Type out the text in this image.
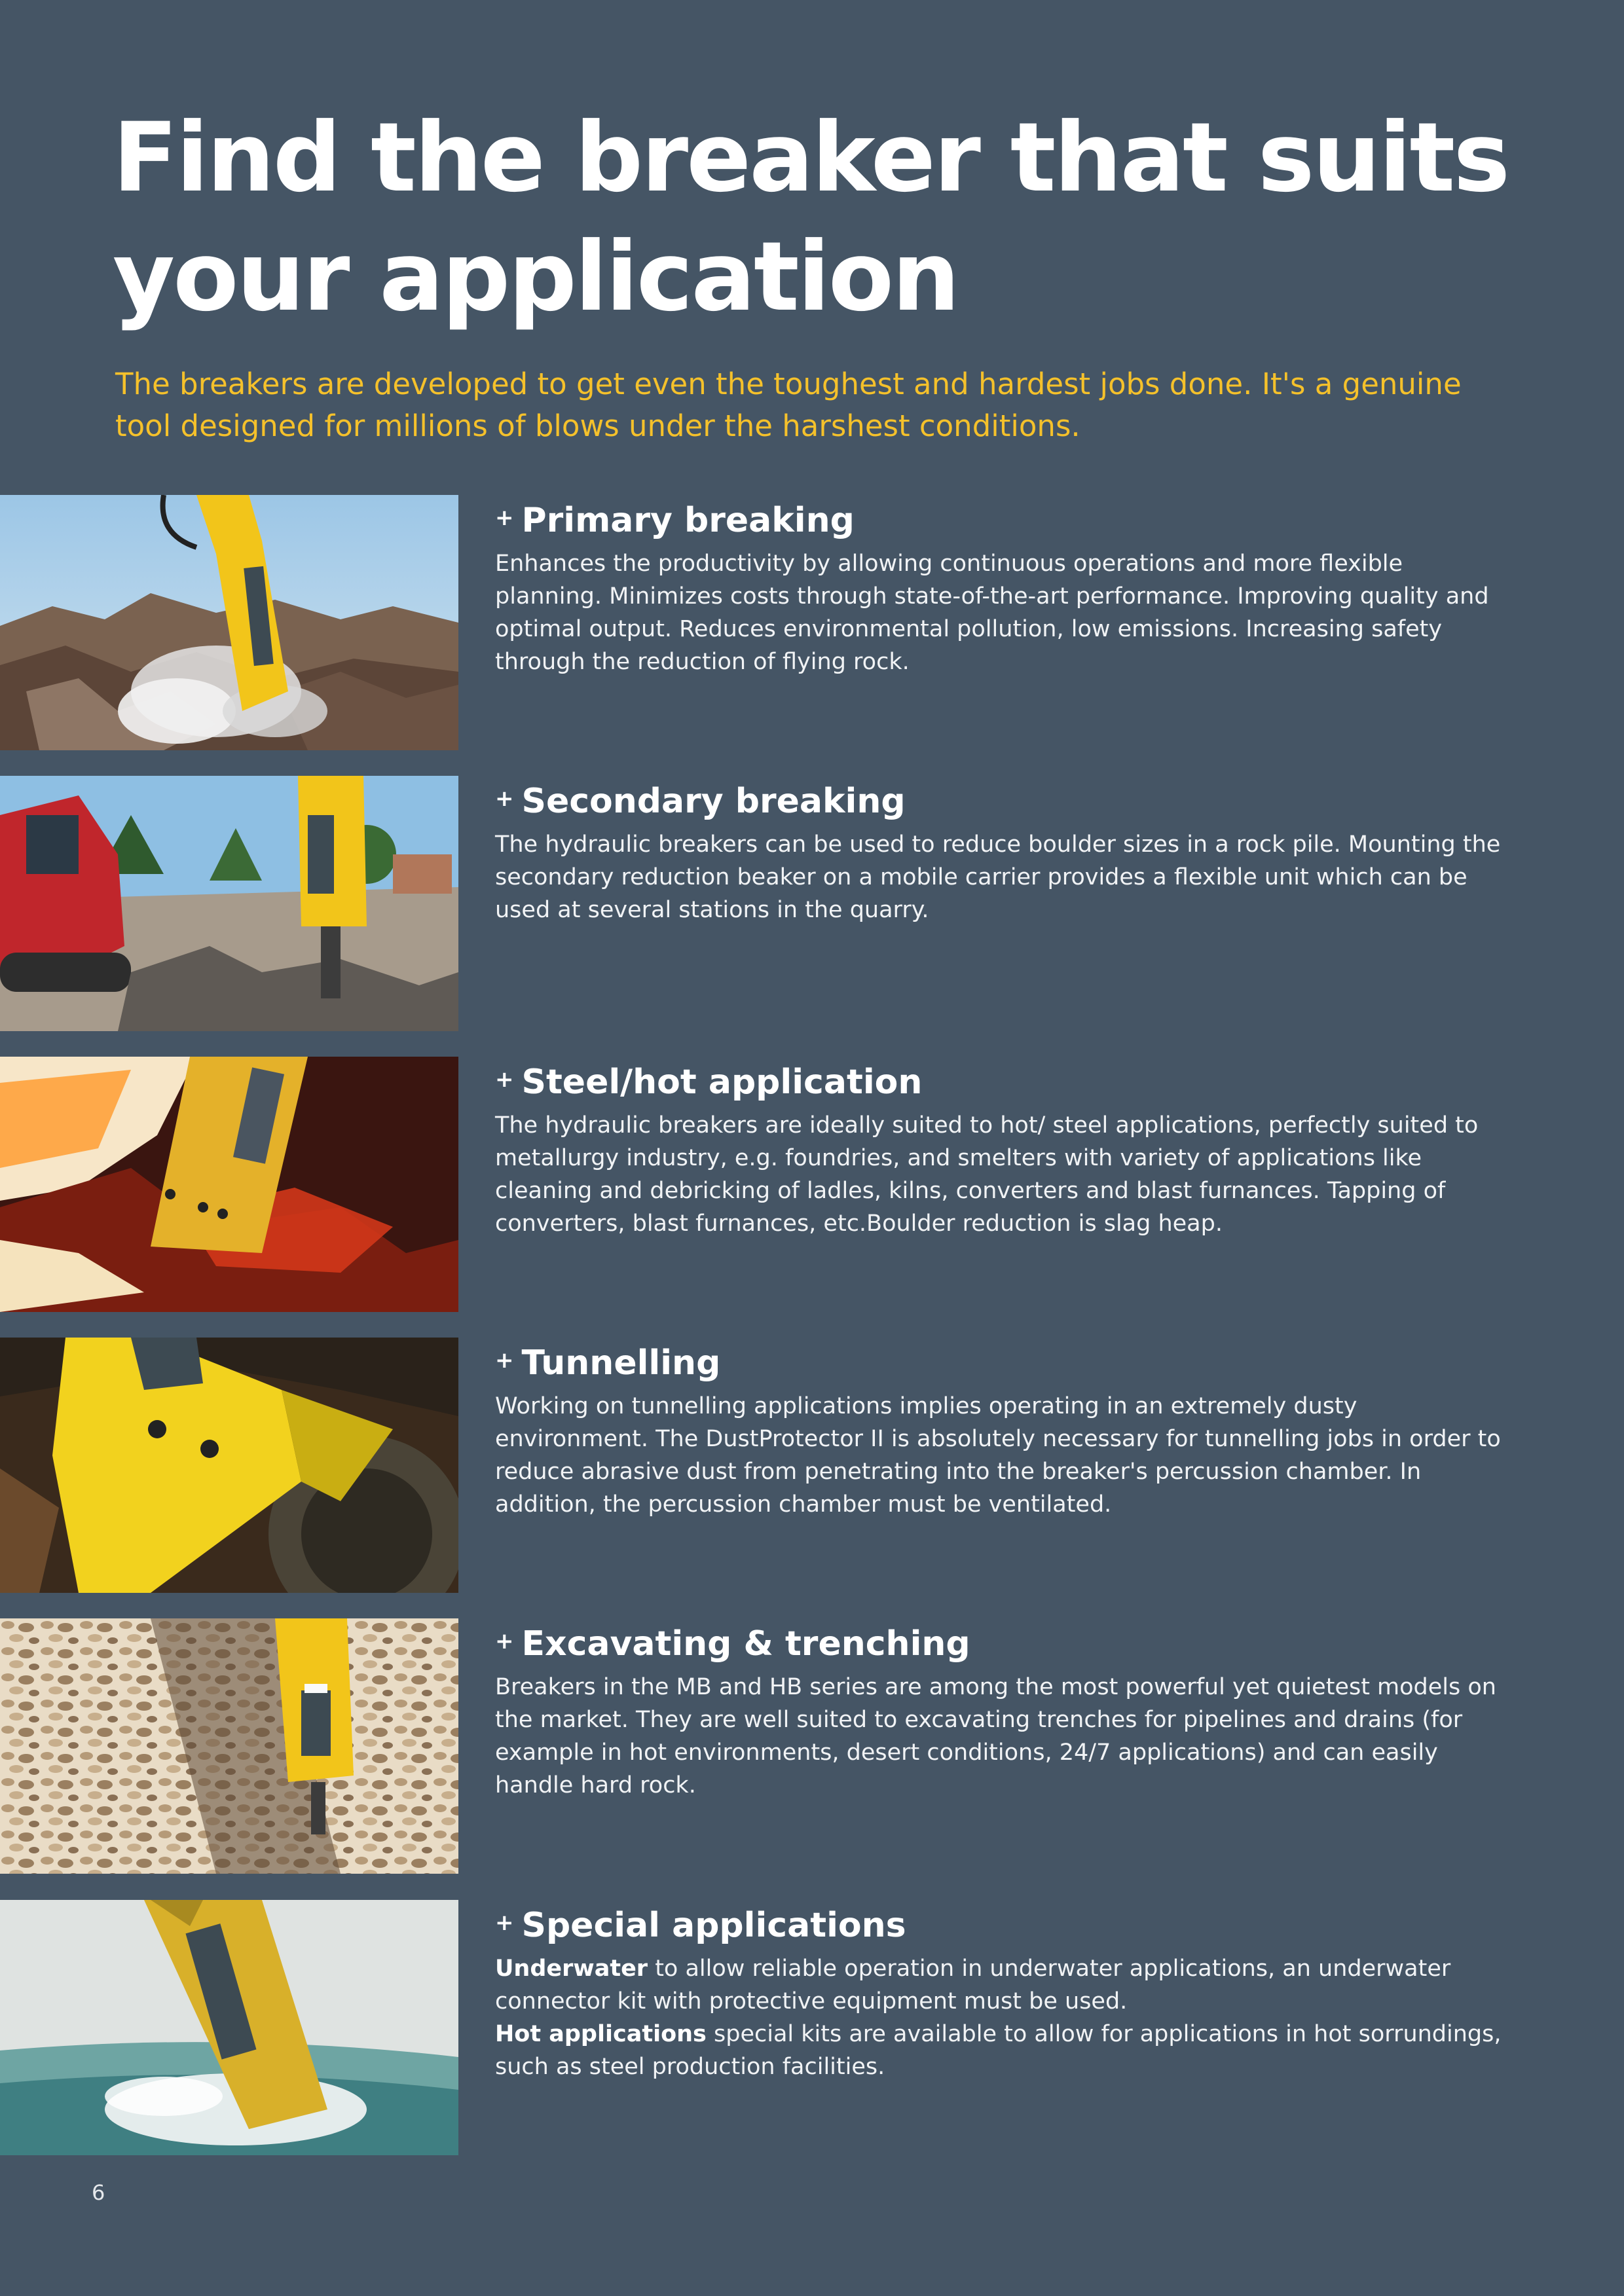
Find the breaker that suits
your application

The breakers are developed to get even the toughest and hardest jobs done. It's a genuine tool designed for millions of blows under the harshest conditions.

+ Primary breaking

Enhances the productivity by allowing continuous operations and more flexible planning. Minimizes costs through state-of-the-art performance. Improving quality and optimal output. Reduces environmental pollution, low emissions. Increasing safety through the reduction of flying rock.

+ Secondary breaking

The hydraulic breakers can be used to reduce boulder sizes in a rock pile. Mounting the secondary reduction beaker on a mobile carrier provides a flexible unit which can be used at several stations in the quarry.

+ Steel/hot application

The hydraulic breakers are ideally suited to hot/ steel applications, perfectly suited to metallurgy industry, e.g. foundries, and smelters with variety of applications like cleaning and debricking of ladles, kilns, converters and blast furnances. Tapping of converters, blast furnances, etc.Boulder reduction is slag heap.

+ Tunnelling

Working on tunnelling applications implies operating in an extremely dusty environment. The DustProtector II is absolutely necessary for tunnelling jobs in order to reduce abrasive dust from penetrating into the breaker's percussion chamber. In addition, the percussion chamber must be ventilated.

+ Excavating & trenching

Breakers in the MB and HB series are among the most powerful yet quietest models on the market. They are well suited to excavating trenches for pipelines and drains (for example in hot environments, desert conditions, 24/7 applications) and can easily handle hard rock.

+ Special applications

Underwater to allow reliable operation in underwater applications, an underwater connector kit with protective equipment must be used.
Hot applications special kits are available to allow for applications in hot sorrundings, such as steel production facilities.

6
